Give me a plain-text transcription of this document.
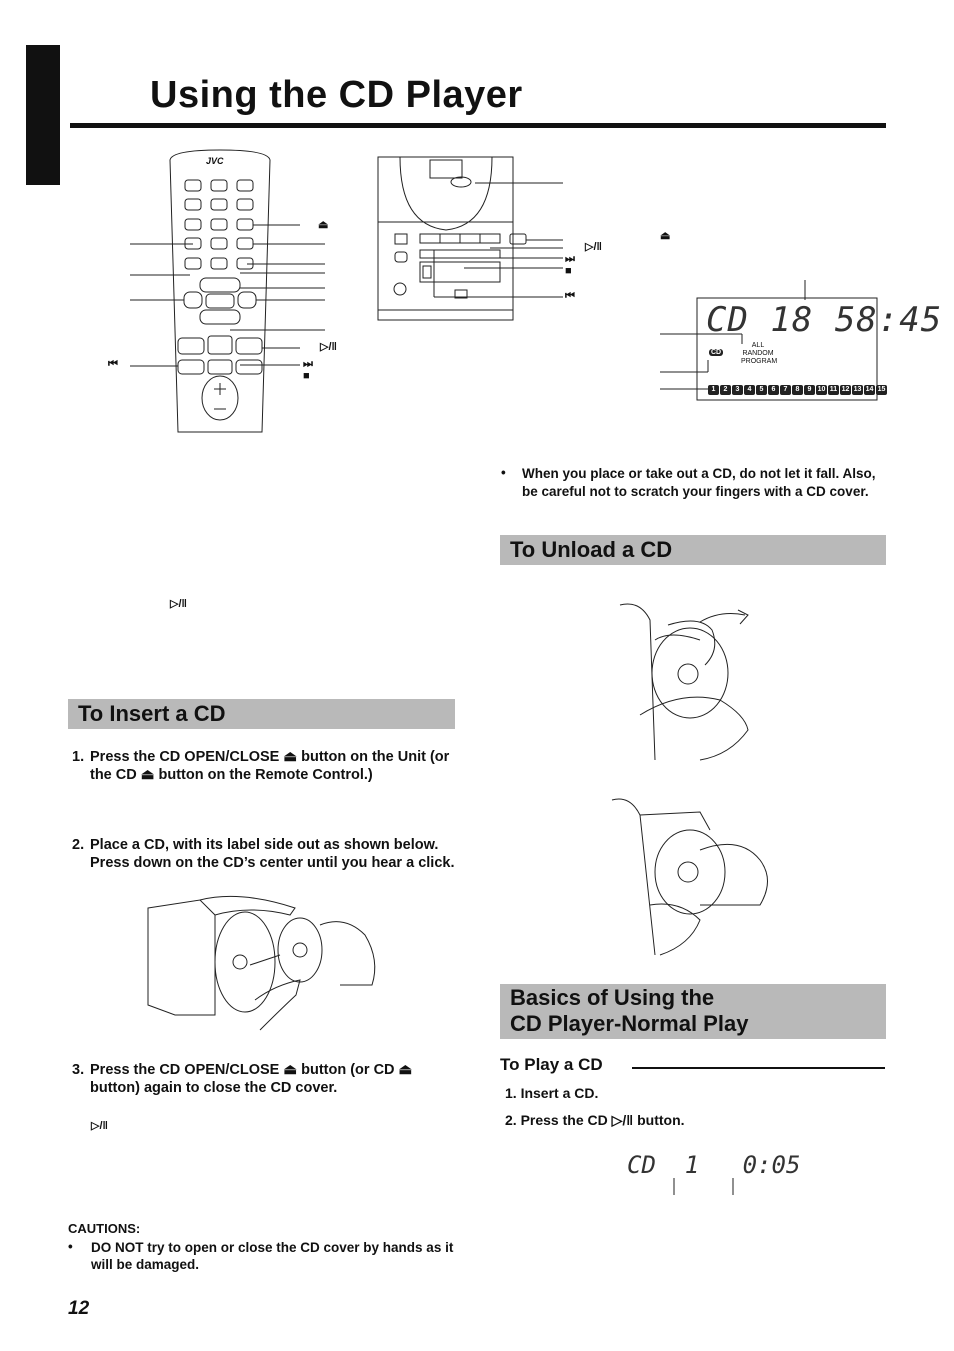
Using the CD Player
JVC
⏏
▷/‖
⏭
■
⏮
▷/‖
⏭
■
⏮
⏏
CD 18 58:45
ALL
RANDOM
PROGRAM
CD
1	2	3	4	5	6	7	8	9 10 11 12 13 14 15
▷/‖
To Insert a CD
1. Press the CD OPEN/CLOSE ⏏ button on the Unit (or the CD ⏏ button on the Remote Control.)
2. Place a CD, with its label side out as shown below. Press down on the CD’s center until you hear a click.
3. Press the CD OPEN/CLOSE ⏏ button (or CD ⏏ button) again to close the CD cover.
▷/‖
CAUTIONS:
• DO NOT try to open or close the CD cover by hands as it will be damaged.
12
• When you place or take out a CD, do not let it fall. Also, be careful not to scratch your fingers with a CD cover.
To Unload a CD
Basics of Using the
CD Player-Normal Play
To Play a CD
1. Insert a CD.
2. Press the CD ▷/‖ button.
CD  1   0:05
